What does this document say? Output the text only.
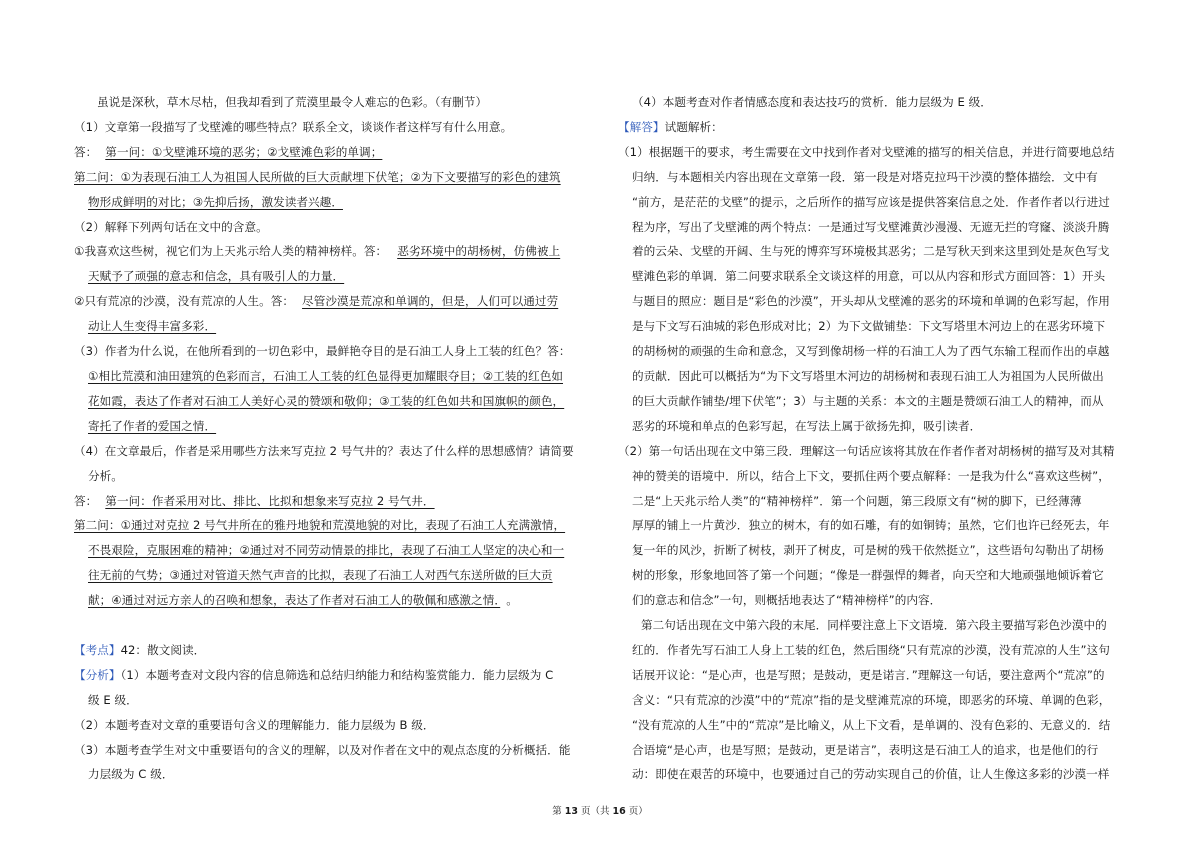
虽说是深秋，草木尽枯，但我却看到了荒漠里最令人难忘的色彩。（有删节）

（1）文章第一段描写了戈壁滩的哪些特点？联系全文，谈谈作者这样写有什么用意。

答： 第一问：①戈壁滩环境的恶劣；②戈壁滩色彩的单调；

第二问：①为表现石油工人为祖国人民所做的巨大贡献埋下伏笔；②为下文要描写的彩色的建筑

物形成鲜明的对比；③先抑后扬，激发读者兴趣．

（2）解释下列两句话在文中的含意。

①我喜欢这些树，视它们为上天兆示给人类的精神榜样。答： 恶劣环境中的胡杨树，仿佛被上

天赋予了顽强的意志和信念，具有吸引人的力量．

②只有荒凉的沙漠，没有荒凉的人生。答： 尽管沙漠是荒凉和单调的，但是，人们可以通过劳

动让人生变得丰富多彩．

（3）作者为什么说，在他所看到的一切色彩中，最鲜艳夺目的是石油工人身上工装的红色？答：

①相比荒漠和油田建筑的色彩而言，石油工人工装的红色显得更加耀眼夺目；②工装的红色如

花如霞，表达了作者对石油工人美好心灵的赞颂和敬仰；③工装的红色如共和国旗帜的颜色，

寄托了作者的爱国之情．

（4）在文章最后，作者是采用哪些方法来写克拉 2 号气井的？表达了什么样的思想感情？请简要

分析。

答： 第一问：作者采用对比、排比、比拟和想象来写克拉 2 号气井．

第二问：①通过对克拉 2 号气井所在的雅丹地貌和荒漠地貌的对比，表现了石油工人充满激情，

不畏艰险，克服困难的精神；②通过对不同劳动情景的排比，表现了石油工人坚定的决心和一

往无前的气势；③通过对管道天然气声音的比拟，表现了石油工人对西气东送所做的巨大贡

献；④通过对远方亲人的召唤和想象，表达了作者对石油工人的敬佩和感激之情． 。

【考点】42：散文阅读．

【分析】（1）本题考查对文段内容的信息筛选和总结归纳能力和结构鉴赏能力．能力层级为 C

级 E 级．

（2）本题考查对文章的重要语句含义的理解能力．能力层级为 B 级．

（3）本题考查学生对文中重要语句的含义的理解，以及对作者在文中的观点态度的分析概括．能

力层级为 C 级．

（4）本题考查对作者情感态度和表达技巧的赏析．能力层级为 E 级．

【解答】试题解析：

（1）根据题干的要求，考生需要在文中找到作者对戈壁滩的描写的相关信息，并进行简要地总结

归纳．与本题相关内容出现在文章第一段．第一段是对塔克拉玛干沙漠的整体描绘．文中有

“前方，是茫茫的戈壁”的提示，之后所作的描写应该是提供答案信息之处．作者作者以行进过

程为序，写出了戈壁滩的两个特点：一是通过写戈壁滩黄沙漫漫、无遮无拦的穹窿、淡淡升腾

着的云朵、戈壁的开阔、生与死的博弈写环境极其恶劣；二是写秋天到来这里到处是灰色写戈

壁滩色彩的单调．第二问要求联系全文谈这样的用意，可以从内容和形式方面回答：1）开头

与题目的照应：题目是“彩色的沙漠”，开头却从戈壁滩的恶劣的环境和单调的色彩写起，作用

是与下文写石油城的彩色形成对比；2）为下文做铺垫：下文写塔里木河边上的在恶劣环境下

的胡杨树的顽强的生命和意念，又写到像胡杨一样的石油工人为了西气东输工程而作出的卓越

的贡献．因此可以概括为“为下文写塔里木河边的胡杨树和表现石油工人为祖国为人民所做出

的巨大贡献作铺垫/埋下伏笔”；3）与主题的关系：本文的主题是赞颂石油工人的精神，而从

恶劣的环境和单点的色彩写起，在写法上属于欲扬先抑，吸引读者．

（2）第一句话出现在文中第三段．理解这一句话应该将其放在作者作者对胡杨树的描写及对其精

神的赞美的语境中．所以，结合上下文，要抓住两个要点解释：一是我为什么“喜欢这些树”，

二是“上天兆示给人类”的“精神榜样”．第一个问题，第三段原文有“树的脚下，已经薄薄

厚厚的铺上一片黄沙．独立的树木，有的如石雕，有的如铜铸；虽然，它们也许已经死去，年

复一年的风沙，折断了树枝，剥开了树皮，可是树的残干依然挺立”，这些语句勾勒出了胡杨

树的形象，形象地回答了第一个问题；“像是一群强悍的舞者，向天空和大地顽强地倾诉着它

们的意志和信念”一句，则概括地表达了“精神榜样”的内容．

第二句话出现在文中第六段的末尾．同样要注意上下文语境．第六段主要描写彩色沙漠中的

红的．作者先写石油工人身上工装的红色，然后围绕“只有荒凉的沙漠，没有荒凉的人生”这句

话展开议论：“是心声，也是写照；是鼓动，更是诺言．”理解这一句话，要注意两个“荒凉”的

含义：“只有荒凉的沙漠”中的“荒凉”指的是戈壁滩荒凉的环境，即恶劣的环境、单调的色彩，

“没有荒凉的人生”中的“荒凉”是比喻义，从上下文看，是单调的、没有色彩的、无意义的．结

合语境“是心声，也是写照；是鼓动，更是诺言”，表明这是石油工人的追求，也是他们的行

动：即使在艰苦的环境中，也要通过自己的劳动实现自己的价值，让人生像这多彩的沙漠一样

第 13 页（共 16 页）
